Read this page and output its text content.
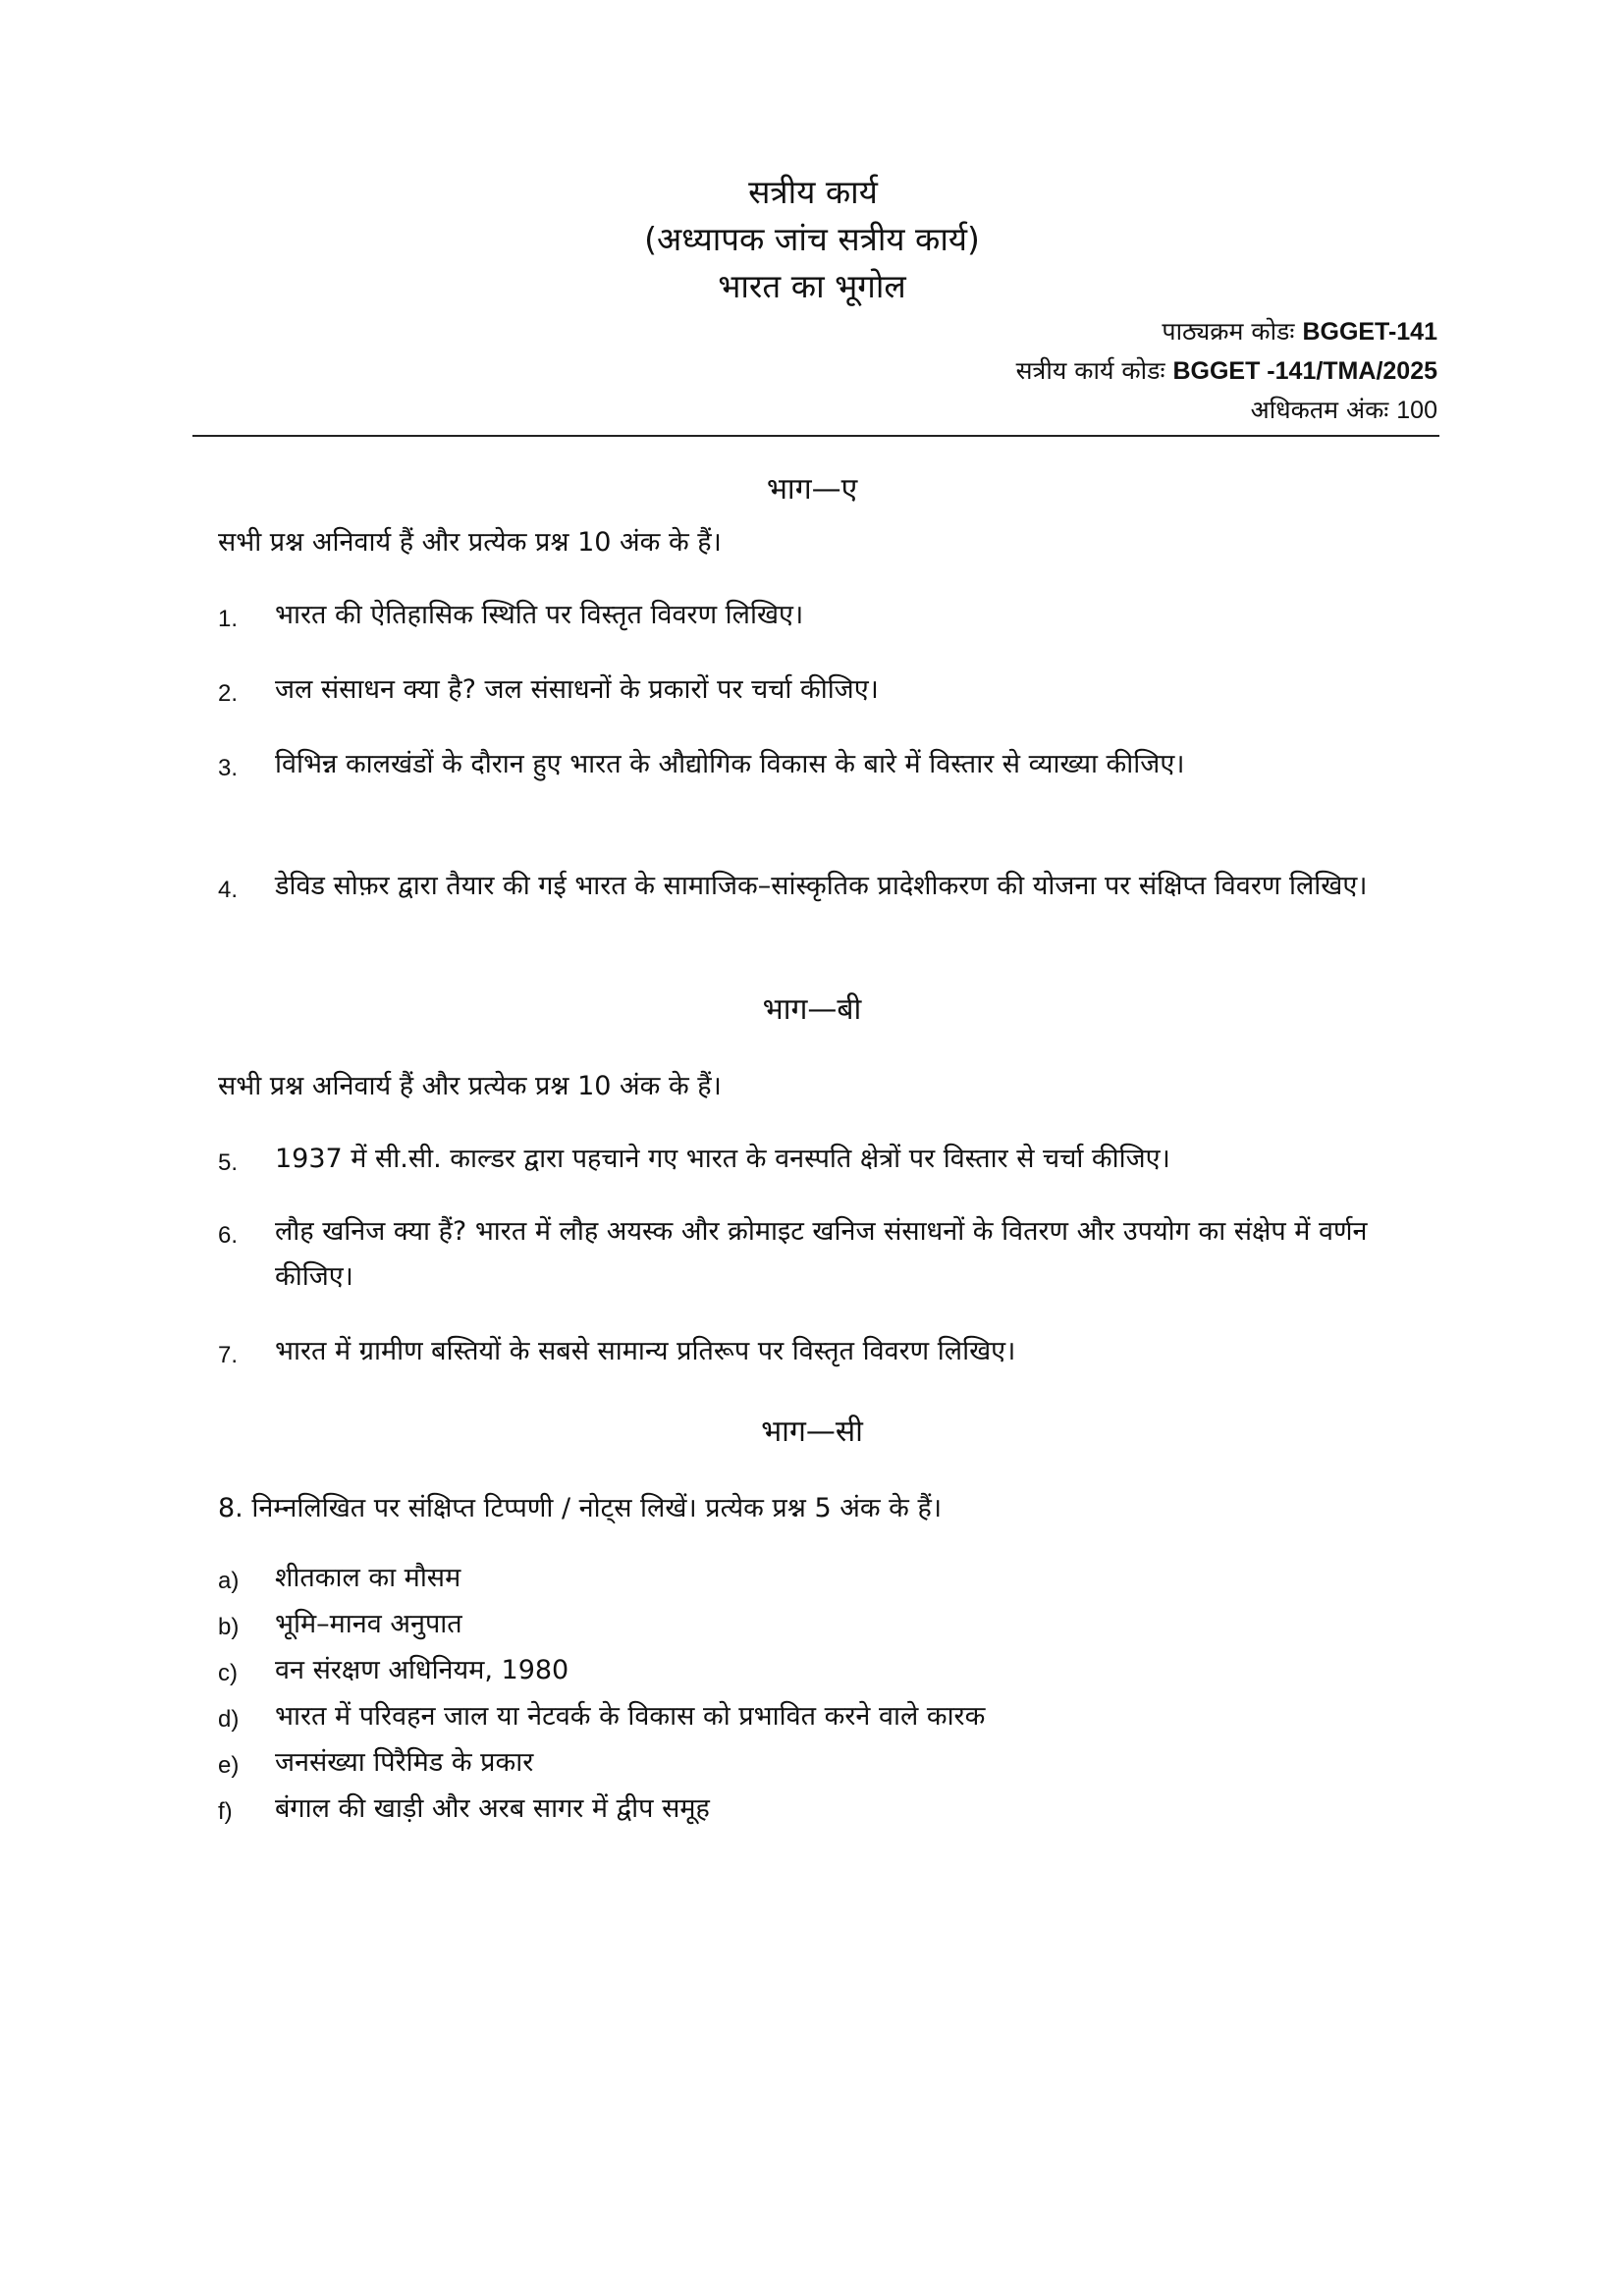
सत्रीय कार्य
(अध्यापक जांच सत्रीय कार्य)
भारत का भूगोल
पाठ्यक्रम कोडः BGGET-141
सत्रीय कार्य कोडः BGGET -141/TMA/2025
अधिकतम अंकः 100
भाग—ए
सभी प्रश्न अनिवार्य हैं और प्रत्येक प्रश्न 10 अंक के हैं।
1. भारत की ऐतिहासिक स्थिति पर विस्तृत विवरण लिखिए।
2. जल संसाधन क्या है? जल संसाधनों के प्रकारों पर चर्चा कीजिए।
3. विभिन्न कालखंडों के दौरान हुए भारत के औद्योगिक विकास के बारे में विस्तार से व्याख्या कीजिए।
4. डेविड सोफ़र द्वारा तैयार की गई भारत के सामाजिक–सांस्कृतिक प्रादेशीकरण की योजना पर संक्षिप्त विवरण लिखिए।
भाग—बी
सभी प्रश्न अनिवार्य हैं और प्रत्येक प्रश्न 10 अंक के हैं।
5. 1937 में सी.सी. काल्डर द्वारा पहचाने गए भारत के वनस्पति क्षेत्रों पर विस्तार से चर्चा कीजिए।
6. लौह खनिज क्या हैं? भारत में लौह अयस्क और क्रोमाइट खनिज संसाधनों के वितरण और उपयोग का संक्षेप में वर्णन कीजिए।
7. भारत में ग्रामीण बस्तियों के सबसे सामान्य प्रतिरूप पर विस्तृत विवरण लिखिए।
भाग—सी
8. निम्नलिखित पर संक्षिप्त टिप्पणी / नोट्स लिखें। प्रत्येक प्रश्न 5 अंक के हैं।
a) शीतकाल का मौसम
b) भूमि–मानव अनुपात
c) वन संरक्षण अधिनियम, 1980
d) भारत में परिवहन जाल या नेटवर्क के विकास को प्रभावित करने वाले कारक
e) जनसंख्या पिरैमिड के प्रकार
f) बंगाल की खाड़ी और अरब सागर में द्वीप समूह
